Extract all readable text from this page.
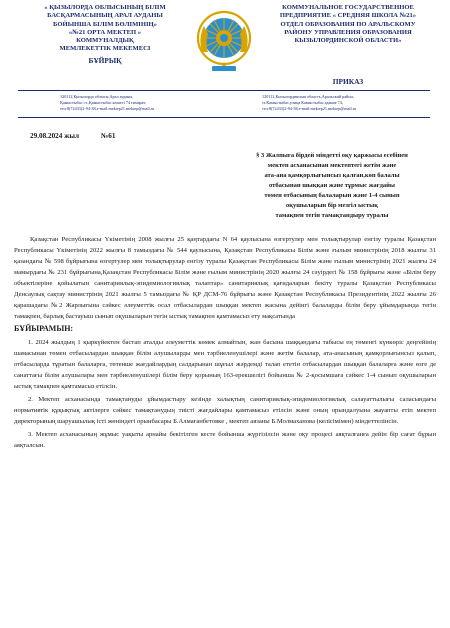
« ҚЫЗЫЛОРДА ОБЛЫСЫНЫҢ БІЛІМ
БАСҚАРМАСЫНЫҢ АРАЛ АУДАНЫ
БОЙЫНША БІЛІМ БӨЛІМІНІҢ»
«№21 ОРТА МЕКТЕП »
КОММУНАЛДЫҚ
МЕМЛЕКЕТТІК МЕКЕМЕСІ
БҰЙРЫҚ
КОММУНАЛЬНОЕ ГОСУДАРСТВЕННОЕ
ПРЕДПРИЯТИЕ « СРЕДНЯЯ ШКОЛА №21»
ОТДЕЛ ОБРАЗОВАНИЯ ПО АРАЛЬСКОМУ
РАЙОНУ УПРАВЛЕНИЯ ОБРАЗОВАНИЯ
КЫЗЫЛОРДИНСКОЙ ОБЛАСТИ»
ПРИКАЗ
120112,Қызылорда облысы,Арал ауданы,
Қамыстыбас ст.,Қамыстыбас көшесі 74 ғимарат,
тел:8(72433)2-94-38,e-mail:mektep21.mektep@mail.ru
120112,Кызылординская область,Аральский район,
ст.Камыстыбас,улица Камыстыбас,здание 74,
тел:8(72433)2-94-38,e-mail:mektep21.mektep@mail.ru
29.08.2024 жыл	№61
§ 3 Жалпыға бірдей міндетті оқу қаржысы есебінен
мектеп асханасынан мектептегі жетім және
ата-ана қамқорлығынсыз қалған,көп балалы
отбасынан шыққан және тұрмыс жағдайы
төмен отбасының балаларын және 1-4 сынып
оқушыларын бір мезгіл ыстық
тамақпен тегін тамақтандыру туралы

Қазақстан Республикасы Үкіметінің 2008 жылғы 25 қаңтардағы N 64 қаулысына өзгертулер мен толықтырулар енгізу туралы Қазақстан Республикасы Үкіметінің 2022 жылғы 8 тамыздағы № 544 қаулысына, Қазақстан Республикасы Білім және ғылым министрінің 2018 жылғы 31 қазандағы № 598 бұйрығына өзгертулер мен толықтырулар енгізу туралы Қазақстан Республикасы Білім және ғылым министрінің 2021 жылғы 24 мамырдағы № 231 бұйрығына,Қазақстан Республикасы Білім және ғылым министрінің 2020 жылғы 24 сәуірдегі № 158 бұйрығы және «Білім беру объектілеріне қойылатын санитариялық-эпидемиологиялық талаптар» санитариялық қағидаларын бекіту туралы Қазақстан Республикасы Денсаулық сақтау министрінің 2021 жылғы 5 тамыздағы № ҚР ДСМ-76 бұйрығы және Қазақстан Республикасы Президентінің 2022 жылғы 26 қарашадағы №2 Жарлығына сәйкес әлеуметтік осал отбасылардан шыққан мектеп жасына дейінгі балаларды білім беру ұйымдарында тегін тамақпен, барлық бастауыш сынып оқушыларын тегін ыстық тамақпен қамтамасыз ету мақсатында

БҰЙЫРАМЫН:

1. 2024 жылдың 1 қыркүйектен бастап аталды әлеуметтік көмек алмайтын, жан басына шаққандағы табысы ең төменгі күнкөріс деңгейінің шамасынан төмен отбасылардан шыққан білім алушыларды мен тәрбиеленушілері және жетім балалар, ата-анасының қамқорлығынсыз қалып, отбасыларда тұратын балаларға, төтенше жағдайлардың салдарынан шұғыл жәрдемді талап ететін отбасылардан шыққан балаларға және өзге де санаттағы білім алушылары мен тәрбиеленушілері білім беру қорының 163-ерекшелігі бойынша № 2-қосымшаға сәйкес 1-4 сынып оқушыларын ыстық тамақпен қамтамасыз етілсін.

2. Мектеп асханасында тамақтануды ұйымдастыру кезінде халықтың санитариялық-эпидемиологиялық салауаттылығы саласындағы нормативтік құқықтық актілерге сәйкес тамақтанудың тиісті жағдайлары қамтамасыз етілсін және оның орындалуына жауапты етіп мектеп директорының шаруашылық істі жөніндегі орынбасары Б.Алмағанбетовке , мектеп аязаны Б.Молмаханова (келісімімен) міндеттелінсін.

3. Мектеп асханасының жұмыс уақыты арнайы бекітілген кесте бойынша жүргізілсін және оқу процесі аяқталғанға дейін бір сағат бұрын аяқталсын.
